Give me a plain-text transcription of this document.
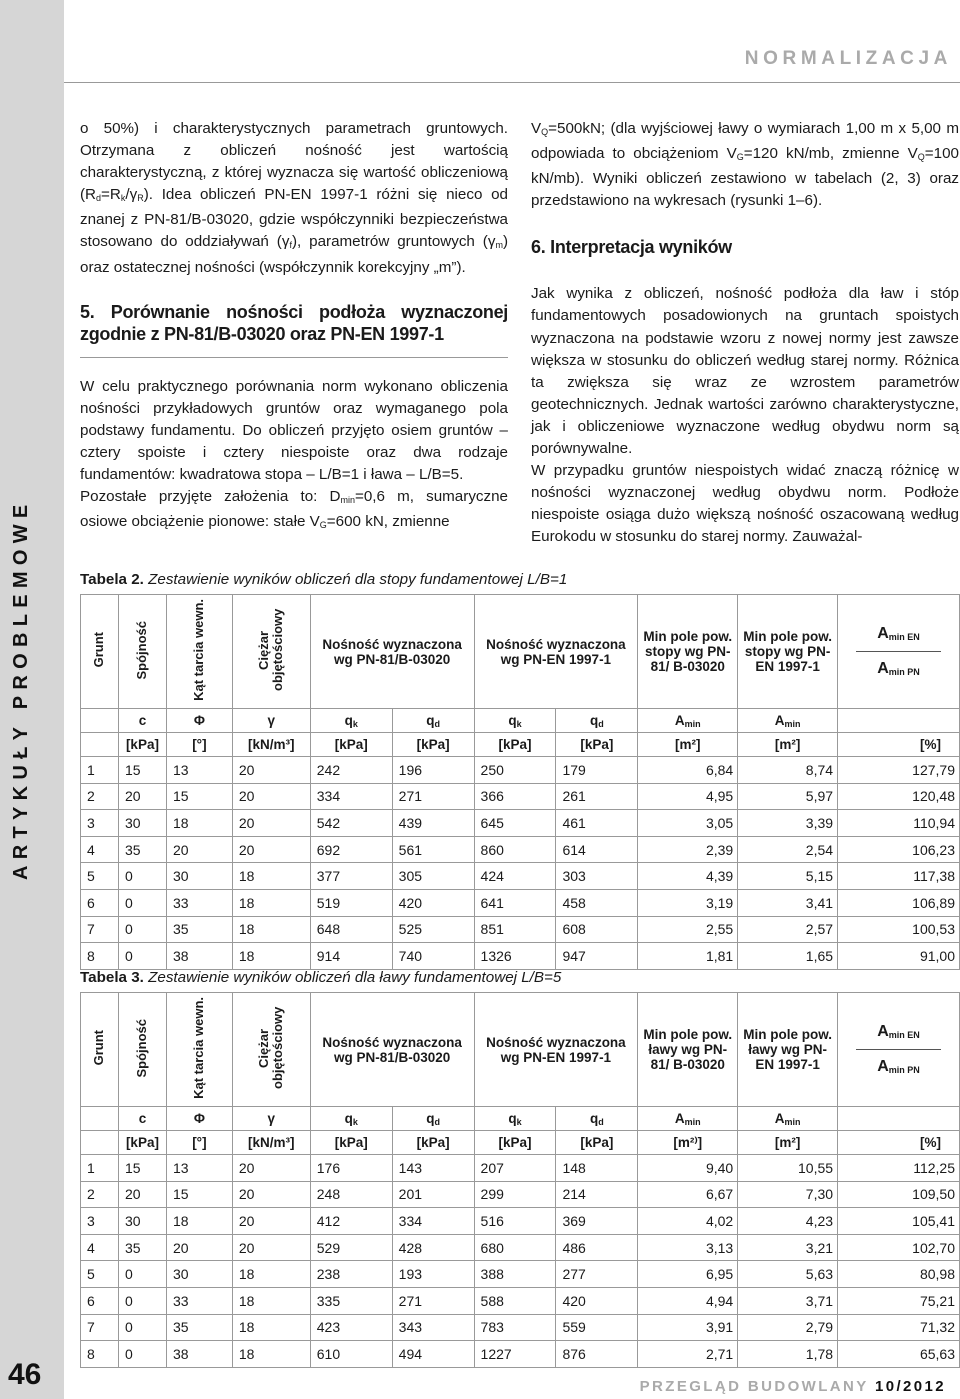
ARTYKUŁY PROBLEMOWE
46
NORMALIZACJA

o 50%) i charakterystycznych parametrach gruntowych. Otrzymana z obliczeń nośność jest wartością charakterystyczną, z której wyznacza się wartość obliczeniową $(R_d=R_k/\gamma_R)$. Idea obliczeń PN-EN 1997-1 różni się nieco od znanej z PN-81/B-03020, gdzie współczynniki bezpieczeństwa stosowano do oddziaływań $(\gamma_f)$, parametrów gruntowych $(\gamma_m)$ oraz ostatecznej nośności (współczynnik korekcyjny „m”).

5. Porównanie nośności podłoża wyznaczonej zgodnie z PN-81/B-03020 oraz PN-EN 1997-1

W celu praktycznego porównania norm wykonano obliczenia nośności przykładowych gruntów oraz wymaganego pola podstawy fundamentu. Do obliczeń przyjęto osiem gruntów – cztery spoiste i cztery niespoiste oraz dwa rodzaje fundamentów: kwadratowa stopa – L/B=1 i ława – L/B=5.

Pozostałe przyjęte założenia to: $D_{min}=0,6$ m, sumaryczne osiowe obciążenie pionowe: stałe $V_G=600$ kN, zmienne

$V_Q=500kN$; (dla wyjściowej ławy o wymiarach 1,00 m x 5,00 m odpowiada to obciążeniom $V_G=120$ kN/mb, zmienne $V_Q=100$ kN/mb). Wyniki obliczeń zestawiono w tabelach (2, 3) oraz przedstawiono na wykresach (rysunki 1–6).

6. Interpretacja wyników

Jak wynika z obliczeń, nośność podłoża dla ław i stóp fundamentowych posadowionych na gruntach spoistych wyznaczona na podstawie wzoru z nowej normy jest zawsze większa w stosunku do obliczeń według starej normy. Różnica ta zwiększa się wraz ze wzrostem parametrów geotechnicznych. Jednak wartości zarówno charakterystyczne, jak i obliczeniowe wyznaczone według obydwu norm są porównywalne.

W przypadku gruntów niespoistych widać znaczą różnicę w nośności wyznaczonej według obydwu norm. Podłoże niespoiste osiąga dużo większą nośność oszacowaną według Eurokodu w stosunku do starej normy. Zauważal-

Tabela 2. Zestawienie wyników obliczeń dla stopy fundamentowej L/B=1
Grunt	Spójność	Kąt tarcia wewn.	Ciężar objętościowy	Nośność wyznaczona wg PN-81/B-03020		Nośność wyznaczona wg PN-EN 1997-1		Min pole pow. stopy wg PN-81/ B-03020	Min pole pow. stopy wg PN-EN 1997-1	$A_{min EN}$
$A_{min PN}$

	c	Φ	γ	$q_k$	$q_d$	$q_k$	$q_d$	$A_{min}$	$A_{min}$	
	[kPa]	[°]	[kN/m³]	[kPa]	[kPa]	[kPa]	[kPa]	[m²]	[m²]	[%]
1	15	13	20	242	196	250	179	6,84	8,74	127,79
2	20	15	20	334	271	366	261	4,95	5,97	120,48
3	30	18	20	542	439	645	461	3,05	3,39	110,94
4	35	20	20	692	561	860	614	2,39	2,54	106,23
5	0	30	18	377	305	424	303	4,39	5,15	117,38
6	0	33	18	519	420	641	458	3,19	3,41	106,89
7	0	35	18	648	525	851	608	2,55	2,57	100,53
8	0	38	18	914	740	1326	947	1,81	1,65	91,00
Tabela 3. Zestawienie wyników obliczeń dla ławy fundamentowej L/B=5
Grunt	Spójność	Kąt tarcia wewn.	Ciężar objętościowy	Nośność wyznaczona wg PN-81/B-03020		Nośność wyznaczona wg PN-EN 1997-1		Min pole pow. ławy wg PN-81/ B-03020	Min pole pow. ławy wg PN-EN 1997-1	$A_{min EN}$
$A_{min PN}$

	c	Φ	γ	$q_k$	$q_d$	$q_k$	$q_d$	$A_{min}$	$A_{min}$	
	[kPa]	[°]	[kN/m³]	[kPa]	[kPa]	[kPa]	[kPa]	[m²⁾]	[m²]	[%]
1	15	13	20	176	143	207	148	9,40	10,55	112,25
2	20	15	20	248	201	299	214	6,67	7,30	109,50
3	30	18	20	412	334	516	369	4,02	4,23	105,41
4	35	20	20	529	428	680	486	3,13	3,21	102,70
5	0	30	18	238	193	388	277	6,95	5,63	80,98
6	0	33	18	335	271	588	420	4,94	3,71	75,21
7	0	35	18	423	343	783	559	3,91	2,79	71,32
8	0	38	18	610	494	1227	876	2,71	1,78	65,63
PRZEGLĄD BUDOWLANY 10/2012
